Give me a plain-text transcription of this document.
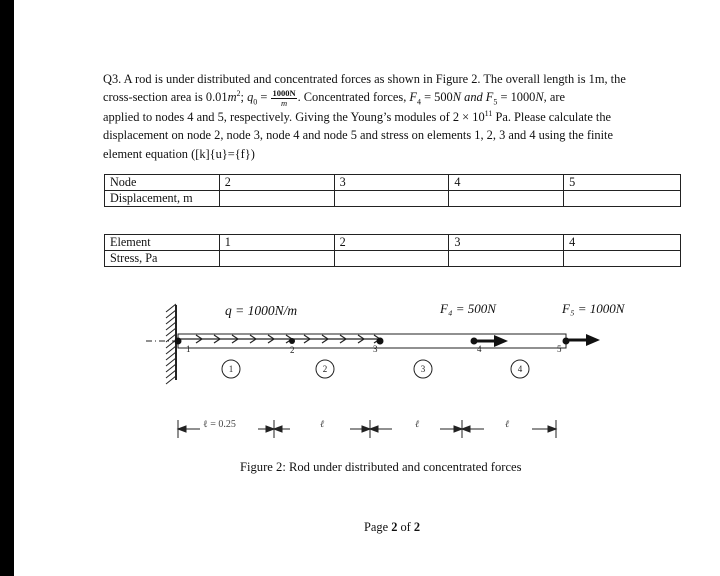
Q3. A rod is under distributed and concentrated forces as shown in Figure 2. The overall length is 1m, the
cross-section area is $0.01m^2$; $q_0 = \frac{1000N}{m}$ . Concentrated forces, $F_4 = 500N$ and $F_5 = 1000N$, are
applied to nodes 4 and 5, respectively. Giving the Young’s modules of $2 \times 10^{11}$ Pa. Please calculate the
displacement on node 2, node 3, node 4 and node 5 and stress on elements 1, 2, 3 and 4 using the finite
element equation ([k]{u}={f})
Node	2	3	4	5
Displacement, m				
Element	1	2	3	4
Stress, Pa				
1	2	3	4	5
q = 1000N/m	F₄ = 500N	F₅ = 1000N
1	2	3	4
ℓ = 0.25	ℓ	ℓ	ℓ
Figure 2: Rod under distributed and concentrated forces
Page 2 of 2
